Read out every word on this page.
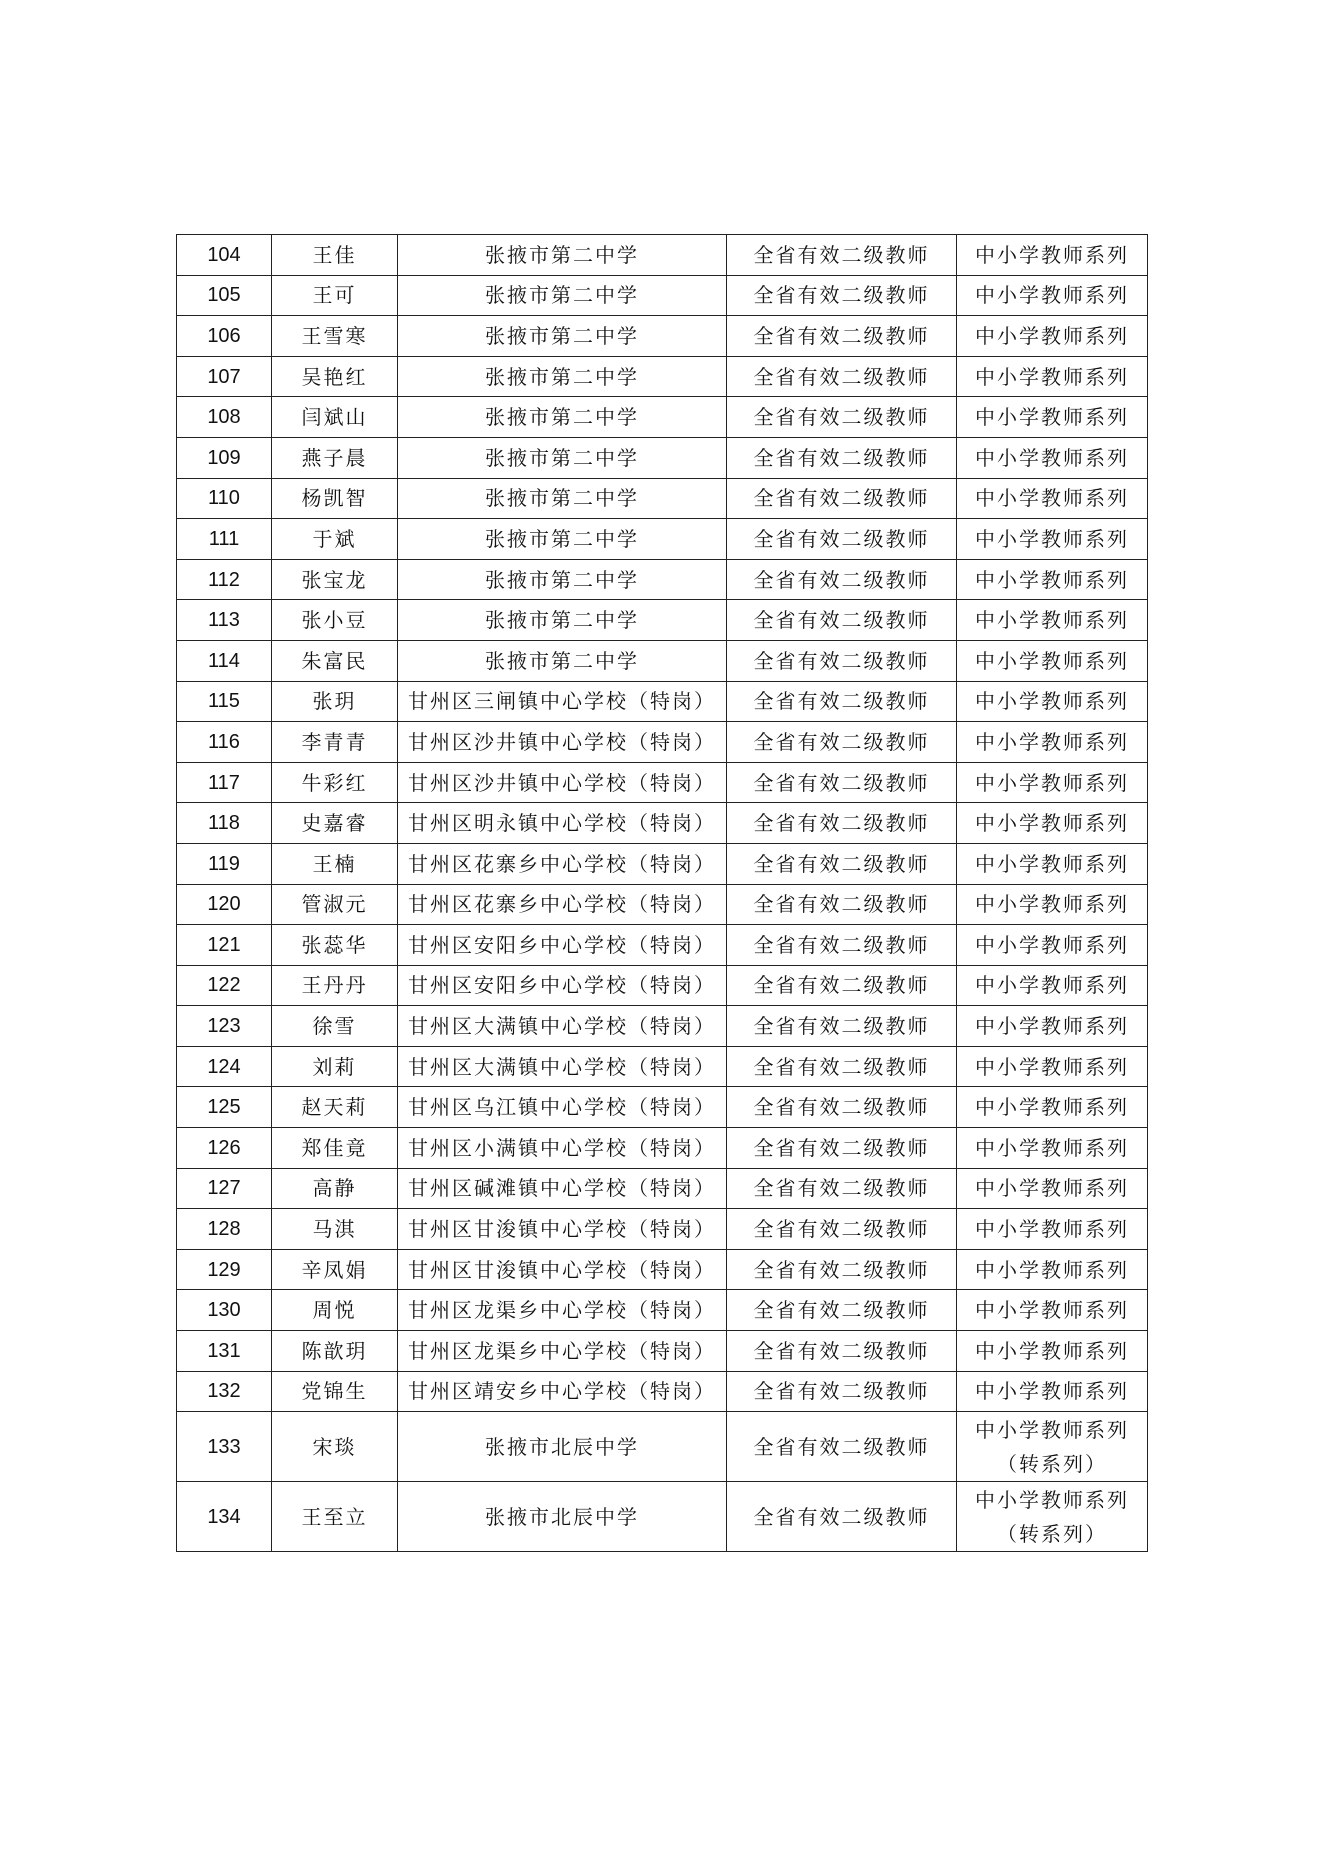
104	王佳	张掖市第二中学	全省有效二级教师	中小学教师系列

105	王可	张掖市第二中学	全省有效二级教师	中小学教师系列

106	王雪寒	张掖市第二中学	全省有效二级教师	中小学教师系列

107	吴艳红	张掖市第二中学	全省有效二级教师	中小学教师系列

108	闫斌山	张掖市第二中学	全省有效二级教师	中小学教师系列

109	燕子晨	张掖市第二中学	全省有效二级教师	中小学教师系列

110	杨凯智	张掖市第二中学	全省有效二级教师	中小学教师系列

111	于斌	张掖市第二中学	全省有效二级教师	中小学教师系列

112	张宝龙	张掖市第二中学	全省有效二级教师	中小学教师系列

113	张小豆	张掖市第二中学	全省有效二级教师	中小学教师系列

114	朱富民	张掖市第二中学	全省有效二级教师	中小学教师系列

115	张玥	甘州区三闸镇中心学校（特岗）	全省有效二级教师	中小学教师系列

116	李青青	甘州区沙井镇中心学校（特岗）	全省有效二级教师	中小学教师系列

117	牛彩红	甘州区沙井镇中心学校（特岗）	全省有效二级教师	中小学教师系列

118	史嘉睿	甘州区明永镇中心学校（特岗）	全省有效二级教师	中小学教师系列

119	王楠	甘州区花寨乡中心学校（特岗）	全省有效二级教师	中小学教师系列

120	管淑元	甘州区花寨乡中心学校（特岗）	全省有效二级教师	中小学教师系列

121	张蕊华	甘州区安阳乡中心学校（特岗）	全省有效二级教师	中小学教师系列

122	王丹丹	甘州区安阳乡中心学校（特岗）	全省有效二级教师	中小学教师系列

123	徐雪	甘州区大满镇中心学校（特岗）	全省有效二级教师	中小学教师系列

124	刘莉	甘州区大满镇中心学校（特岗）	全省有效二级教师	中小学教师系列

125	赵天莉	甘州区乌江镇中心学校（特岗）	全省有效二级教师	中小学教师系列

126	郑佳竟	甘州区小满镇中心学校（特岗）	全省有效二级教师	中小学教师系列

127	高静	甘州区碱滩镇中心学校（特岗）	全省有效二级教师	中小学教师系列

128	马淇	甘州区甘浚镇中心学校（特岗）	全省有效二级教师	中小学教师系列

129	辛凤娟	甘州区甘浚镇中心学校（特岗）	全省有效二级教师	中小学教师系列

130	周悦	甘州区龙渠乡中心学校（特岗）	全省有效二级教师	中小学教师系列

131	陈歆玥	甘州区龙渠乡中心学校（特岗）	全省有效二级教师	中小学教师系列

132	党锦生	甘州区靖安乡中心学校（特岗）	全省有效二级教师	中小学教师系列

133	宋琰	张掖市北辰中学	全省有效二级教师	中小学教师系列
（转系列）

134	王至立	张掖市北辰中学	全省有效二级教师	中小学教师系列
（转系列）
